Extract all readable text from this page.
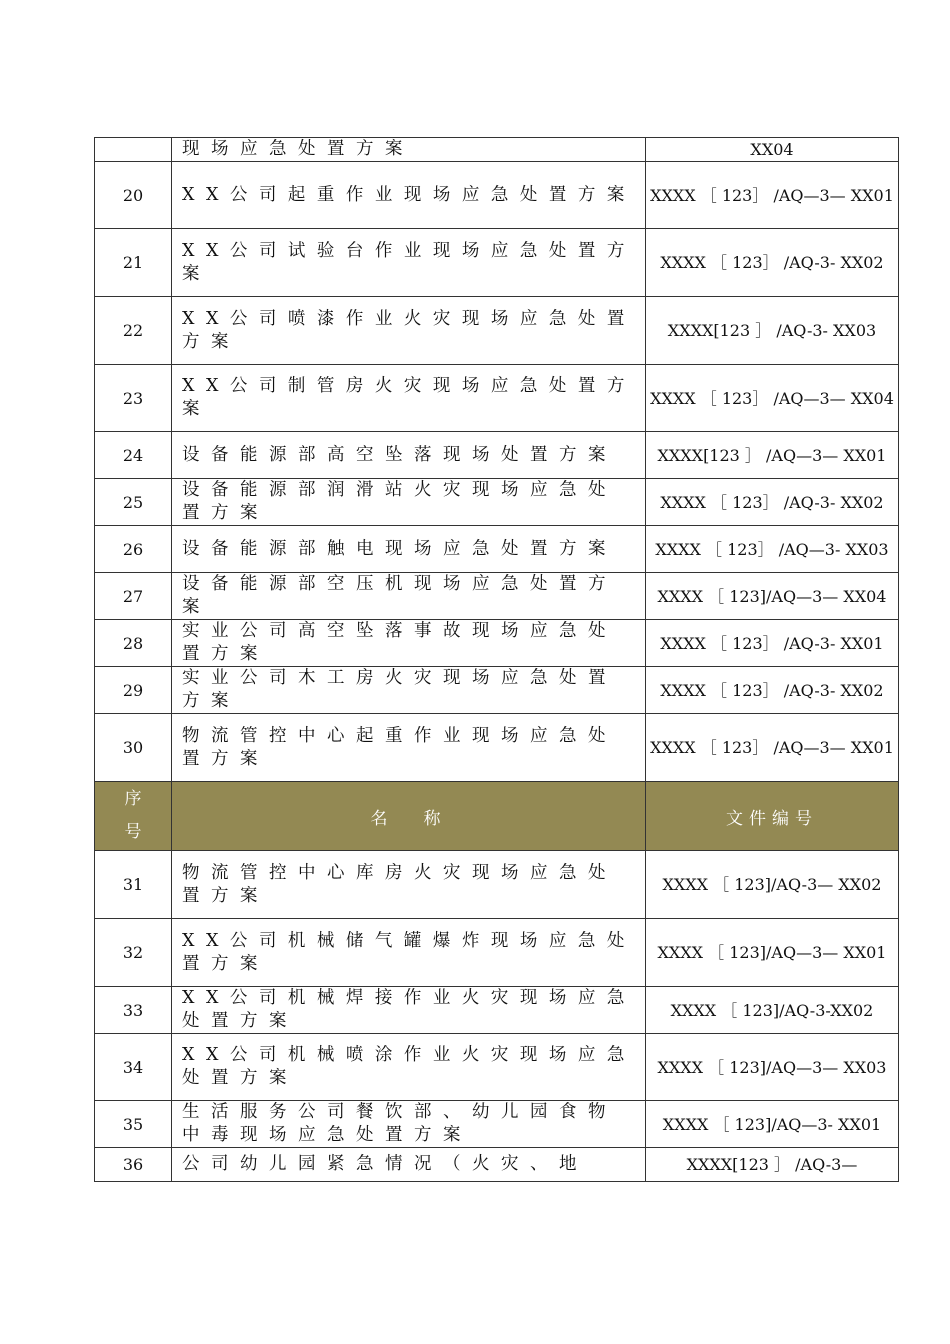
	现场应急处置方案	XX04
20	XX公司起重作业现场应急处置方案	XXXX ［ 123］ /AQ—3— XX01
21	XX公司试验台作业现场应急处置方案	XXXX ［ 123］ /AQ-3- XX02
22	XX公司喷漆作业火灾现场应急处置方案	XXXX[123 ］ /AQ-3- XX03
23	XX公司制管房火灾现场应急处置方案	XXXX ［ 123］ /AQ—3— XX04
24	设备能源部高空坠落现场处置方案	XXXX[123 ］ /AQ—3— XX01
25	设备能源部润滑站火灾现场应急处置方案	XXXX ［ 123］ /AQ-3- XX02
26	设备能源部触电现场应急处置方案	XXXX ［ 123］ /AQ—3- XX03
27	设备能源部空压机现场应急处置方案	XXXX ［ 123]/AQ—3— XX04
28	实业公司高空坠落事故现场应急处置方案	XXXX ［ 123］ /AQ-3- XX01
29	实业公司木工房火灾现场应急处置方案	XXXX ［ 123］ /AQ-3- XX02
30	物流管控中心起重作业现场应急处置方案	XXXX ［ 123］ /AQ—3— XX01
序号	名 称	文件编号
31	物流管控中心库房火灾现场应急处置方案	XXXX ［ 123]/AQ-3— XX02
32	XX公司机械储气罐爆炸现场应急处置方案	XXXX ［ 123]/AQ—3— XX01
33	XX公司机械焊接作业火灾现场应急处置方案	XXXX ［ 123]/AQ-3-XX02
34	XX公司机械喷涂作业火灾现场应急处置方案	XXXX ［ 123]/AQ—3— XX03
35	生活服务公司餐饮部、幼儿园食物中毒现场应急处置方案	XXXX ［ 123]/AQ—3- XX01
36	公司幼儿园紧急情况（火灾、地	XXXX[123 ］ /AQ-3—
